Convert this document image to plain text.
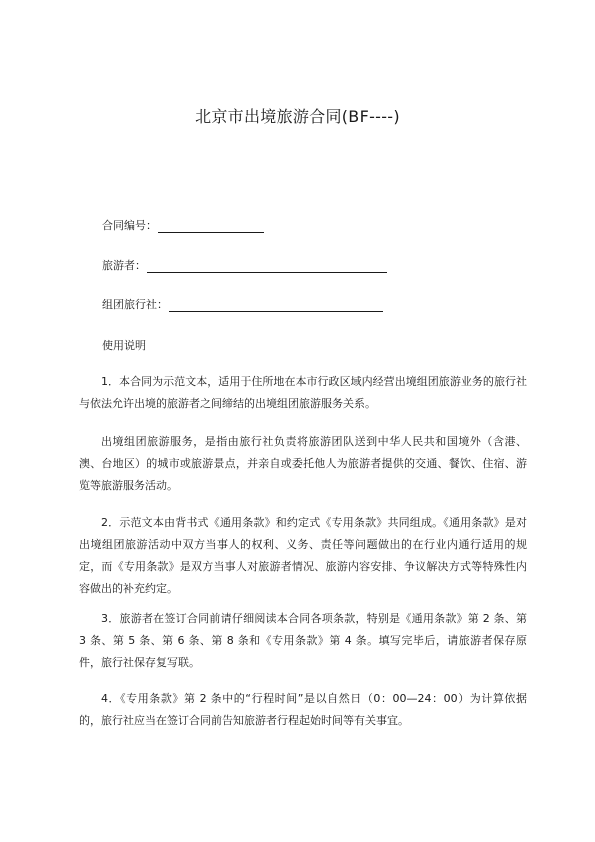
北京市出境旅游合同(BF----)
合同编号：
旅游者：
组团旅行社：
使用说明

1．本合同为示范文本，适用于住所地在本市行政区域内经营出境组团旅游业务的旅行社与依法允许出境的旅游者之间缔结的出境组团旅游服务关系。

出境组团旅游服务，是指由旅行社负责将旅游团队送到中华人民共和国境外（含港、澳、台地区）的城市或旅游景点，并亲自或委托他人为旅游者提供的交通、餐饮、住宿、游览等旅游服务活动。

2．示范文本由背书式《通用条款》和约定式《专用条款》共同组成。《通用条款》是对出境组团旅游活动中双方当事人的权利、义务、责任等问题做出的在行业内通行适用的规定，而《专用条款》是双方当事人对旅游者情况、旅游内容安排、争议解决方式等特殊性内容做出的补充约定。

3．旅游者在签订合同前请仔细阅读本合同各项条款，特别是《通用条款》第 2 条、第 3 条、第 5 条、第 6 条、第 8 条和《专用条款》第 4 条。填写完毕后，请旅游者保存原件，旅行社保存复写联。

4．《专用条款》第 2 条中的“行程时间”是以自然日（0：00—24：00）为计算依据的，旅行社应当在签订合同前告知旅游者行程起始时间等有关事宜。
